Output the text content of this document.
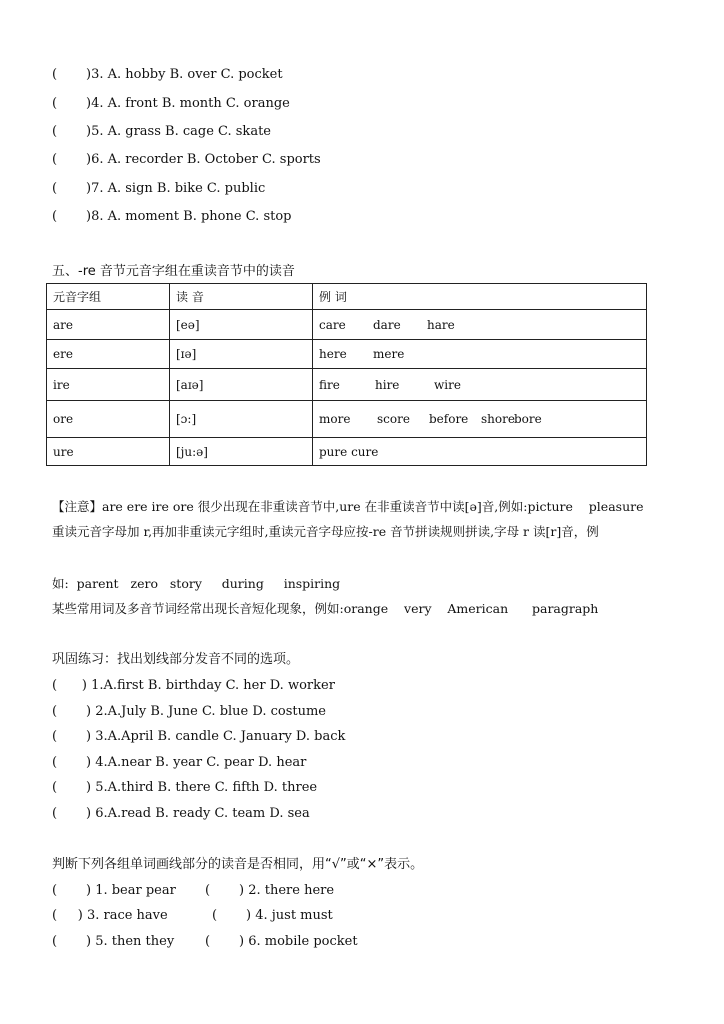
(       )3. A. hobby B. over C. pocket
(       )4. A. front B. month C. orange
(       )5. A. grass B. cage C. skate
(       )6. A. recorder B. October C. sports
(       )7. A. sign B. bike C. public
(       )8. A. moment B. phone C. stop
五、-re 音节元音字组在重读音节中的读音
元音字组	读 音	例 词
are	[eə]	care dare hare
ere	[ɪə]	here mere
ire	[aɪə]	fire hire wire
ore	[ɔ:]	more score before shorebore
ure	[ju:ə]	pure cure
【注意】are ere ire ore 很少出现在非重读音节中,ure 在非重读音节中读[ə]音,例如:picture    pleasure
重读元音字母加 r,再加非重读元字组时,重读元音字母应按-re 音节拼读规则拼读,字母 r 读[r]音，例
如:  parent   zero   story     during     inspiring
某些常用词及多音节词经常出现长音短化现象，例如:orange    very    American      paragraph
巩固练习：找出划线部分发音不同的选项。
(      ) 1.A.first B. birthday C. her D. worker
(       ) 2.A.July B. June C. blue D. costume
(       ) 3.A.April B. candle C. January D. back
(       ) 4.A.near B. year C. pear D. hear
(       ) 5.A.third B. there C. fifth D. three
(       ) 6.A.read B. ready C. team D. sea
判断下列各组单词画线部分的读音是否相同，用“√”或“×”表示。
(       ) 1. bear pear (       ) 2. there here
(     ) 3. race have	(       ) 4. just must
(       ) 5. then they (       ) 6. mobile pocket
